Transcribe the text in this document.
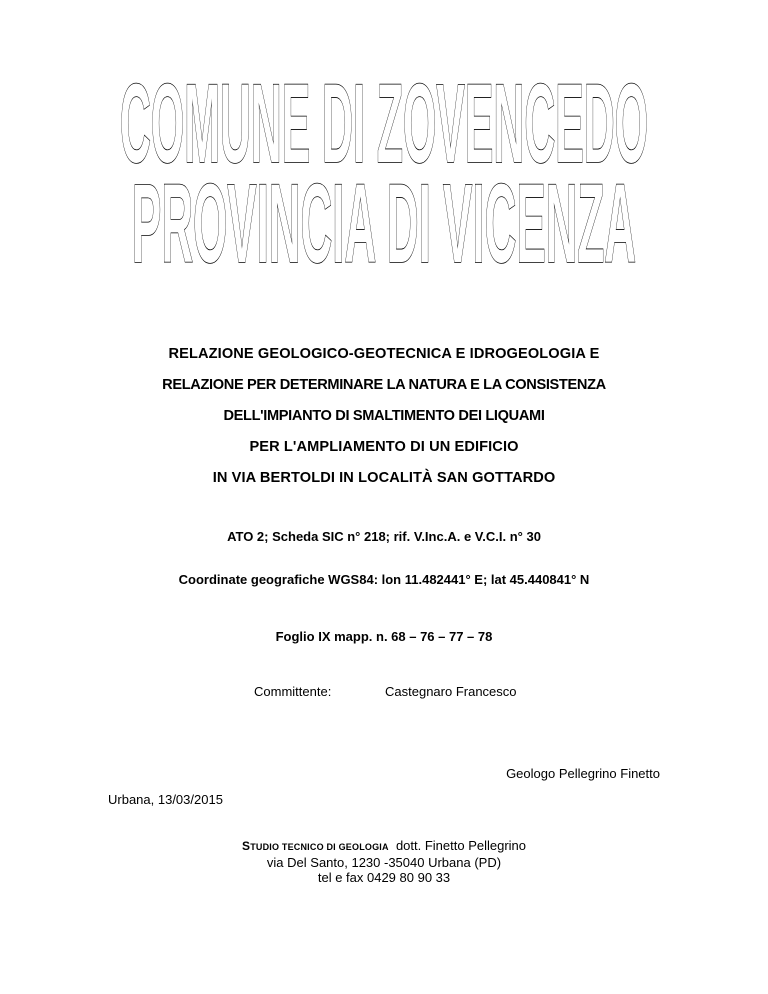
COMUNE DI ZOVENCEDO
PROVINCIA DI VICENZA
RELAZIONE GEOLOGICO-GEOTECNICA E IDROGEOLOGIA E
RELAZIONE PER DETERMINARE LA NATURA E LA CONSISTENZA
DELL'IMPIANTO DI SMALTIMENTO DEI LIQUAMI
PER L'AMPLIAMENTO DI UN EDIFICIO
IN VIA BERTOLDI IN LOCALITÀ SAN GOTTARDO
ATO 2; Scheda SIC n° 218; rif. V.Inc.A. e V.C.I. n° 30
Coordinate geografiche WGS84: lon 11.482441° E; lat 45.440841° N
Foglio IX mapp. n. 68 – 76 – 77 – 78
Committente:	Castegnaro Francesco
Geologo Pellegrino Finetto
Urbana, 13/03/2015
STUDIO TECNICO DI GEOLOGIA dott. Finetto Pellegrino
via Del Santo, 1230 -35040 Urbana (PD)
tel e fax 0429 80 90 33
